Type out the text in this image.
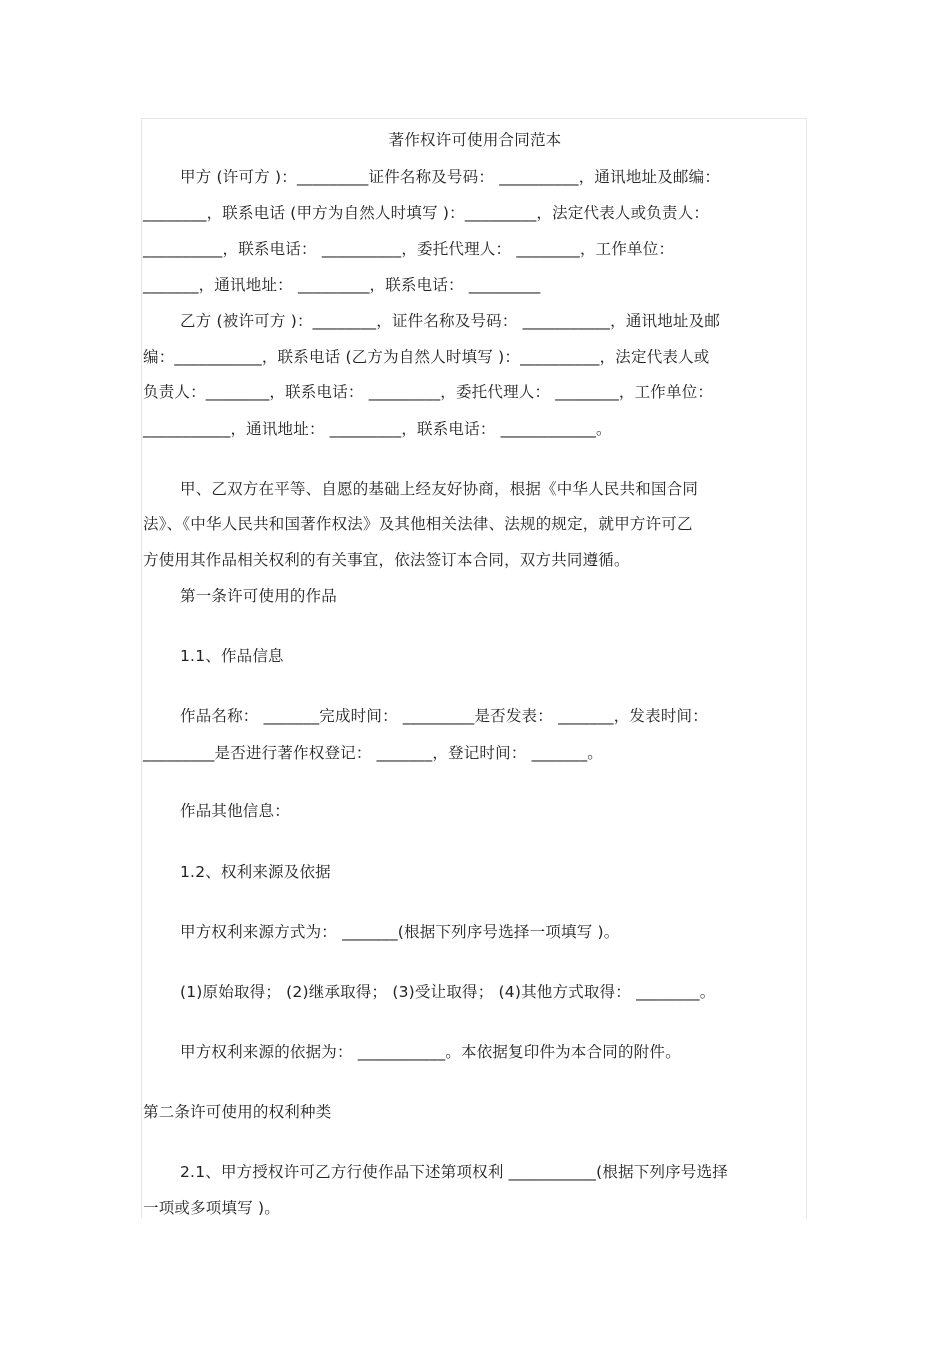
著作权许可使用合同范本
甲方 (许可方 )：_________证件名称及号码： __________，通讯地址及邮编：
________，联系电话 (甲方为自然人时填写 )：_________，法定代表人或负责人：
__________，联系电话： __________，委托代理人： ________，工作单位：
_______，通讯地址： _________，联系电话： _________
乙方 (被许可方 )：________，证件名称及号码： ___________，通讯地址及邮
编：___________，联系电话 (乙方为自然人时填写 )：__________，法定代表人或
负责人：________，联系电话： _________，委托代理人： ________，工作单位：
___________，通讯地址： _________，联系电话： ____________。
甲、乙双方在平等、自愿的基础上经友好协商，根据《中华人民共和国合同
法》、《中华人民共和国著作权法》及其他相关法律、法规的规定，就甲方许可乙
方使用其作品相关权利的有关事宜，依法签订本合同，双方共同遵循。
第一条许可使用的作品
1.1、作品信息
作品名称： _______完成时间： _________是否发表： _______，发表时间：
_________是否进行著作权登记： _______，登记时间： _______。
作品其他信息：
1.2、权利来源及依据
甲方权利来源方式为： _______(根据下列序号选择一项填写 )。
(1)原始取得； (2)继承取得； (3)受让取得； (4)其他方式取得： ________。
甲方权利来源的依据为： ___________。本依据复印件为本合同的附件。
第二条许可使用的权利种类
2.1、甲方授权许可乙方行使作品下述第项权利 ___________(根据下列序号选择
一项或多项填写 )。
